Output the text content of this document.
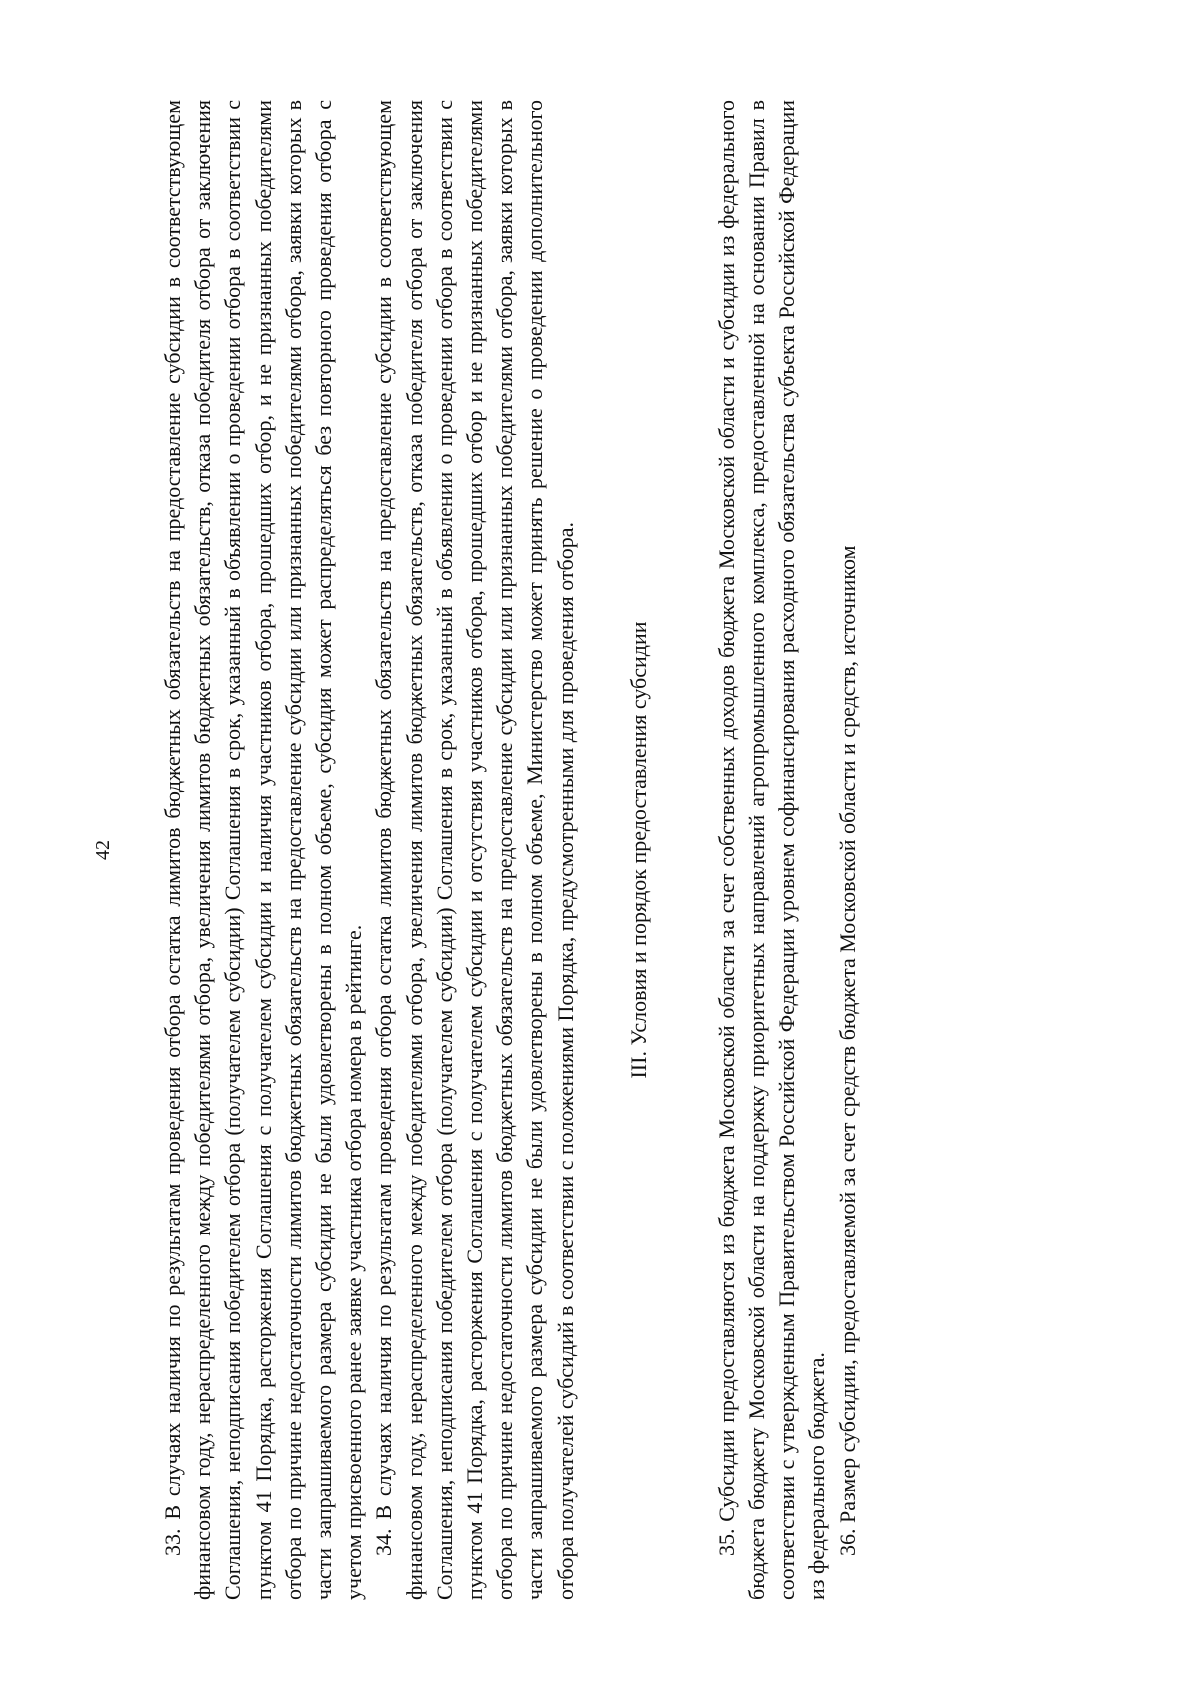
42 33. В случаях наличия по результатам проведения отбора остатка лимитов бюджетных обязательств на предоставление субсидии в соответствующем финансовом году, нераспределенного между победителями отбора, увеличения лимитов бюджетных обязательств, отказа победителя отбора от заключения Соглашения, неподписания победителем отбора (получателем субсидии) Соглашения в срок, указанный в объявлении о проведении отбора в соответствии с пунктом 41 Порядка, расторжения Соглашения с получателем субсидии и наличия участников отбора, прошедших отбор, и не признанных победителями отбора по причине недостаточности лимитов бюджетных обязательств на предоставление субсидии или признанных победителями отбора, заявки которых в части запрашиваемого размера субсидии не были удовлетворены в полном объеме, субсидия может распределяться без повторного проведения отбора с учетом присвоенного ранее заявке участника отбора номера в рейтинге. 34. В случаях наличия по результатам проведения отбора остатка лимитов бюджетных обязательств на предоставление субсидии в соответствующем финансовом году, нераспределенного между победителями отбора, увеличения лимитов бюджетных обязательств, отказа победителя отбора от заключения Соглашения, неподписания победителем отбора (получателем субсидии) Соглашения в срок, указанный в объявлении о проведении отбора в соответствии с пунктом 41 Порядка, расторжения Соглашения с получателем субсидии и отсутствия участников отбора, прошедших отбор и не признанных победителями отбора по причине недостаточности лимитов бюджетных обязательств на предоставление субсидии или признанных победителями отбора, заявки которых в части запрашиваемого размера субсидии не были удовлетворены в полном объеме, Министерство может принять решение о проведении дополнительного отбора получателей субсидий в соответствии с положениями Порядка, предусмотренными для проведения отбора. III. Условия и порядок предоставления субсидии	35. Субсидии предоставляются из бюджета Московской области за счет собственных доходов бюджета Московской области и субсидии из федерального бюджета бюджету Московской области на поддержку приоритетных направлений агропромышленного комплекса, предоставленной на основании Правил в соответствии с утвержденным Правительством Российской Федерации уровнем софинансирования расходного обязательства субъекта Российской Федерации из федерального бюджета. 36. Размер субсидии, предоставляемой за счет средств бюджета Московской области и средств, источником
